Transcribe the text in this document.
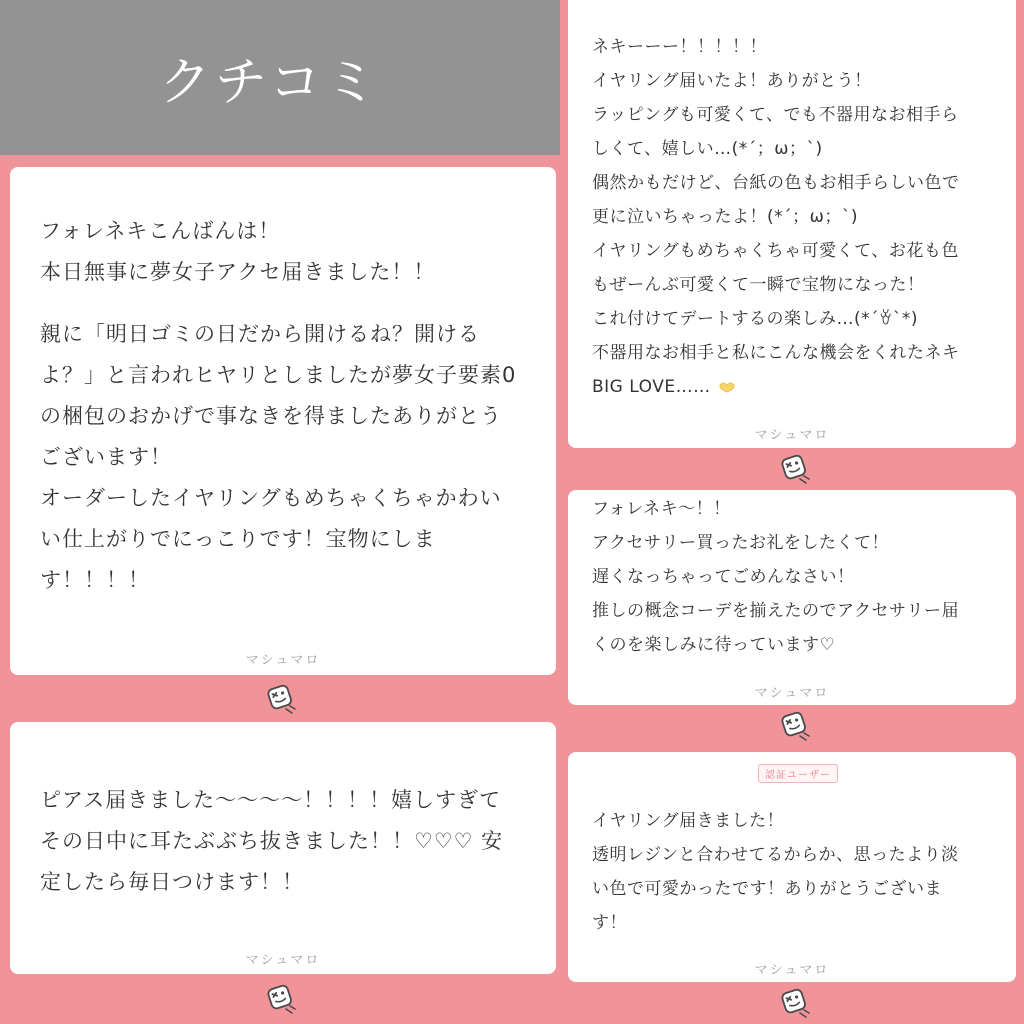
クチコミ
フォレネキこんばんは！
本日無事に夢女子アクセ届きました！！
親に「明日ゴミの日だから開けるね？開ける
よ？」と言われヒヤリとしましたが夢女子要素0
の梱包のおかげで事なきを得ましたありがとう
ございます！
オーダーしたイヤリングもめちゃくちゃかわい
い仕上がりでにっこりです！宝物にしま
す！！！！
マシュマロ
ピアス届きました〜〜〜〜！！！！嬉しすぎて
その日中に耳たぶぶち抜きました！！♡♡♡ 安
定したら毎日つけます！！
マシュマロ
ネキーーー！！！！！
イヤリング届いたよ！ありがとう！
ラッピングも可愛くて、でも不器用なお相手ら
しくて、嬉しい…(*´；ω；`)
偶然かもだけど、台紙の色もお相手らしい色で
更に泣いちゃったよ！(*´；ω；`)
イヤリングもめちゃくちゃ可愛くて、お花も色
もぜーんぶ可愛くて一瞬で宝物になった！
これ付けてデートするの楽しみ…(*´ꈊ`*)
不器用なお相手と私にこんな機会をくれたネキ
BIG LOVE……
マシュマロ
フォレネキ〜！！
アクセサリー買ったお礼をしたくて！
遅くなっちゃってごめんなさい！
推しの概念コーデを揃えたのでアクセサリー届
くのを楽しみに待っています♡
マシュマロ
認証ユーザー
イヤリング届きました！
透明レジンと合わせてるからか、思ったより淡
い色で可愛かったです！ありがとうございま
す！
マシュマロ
